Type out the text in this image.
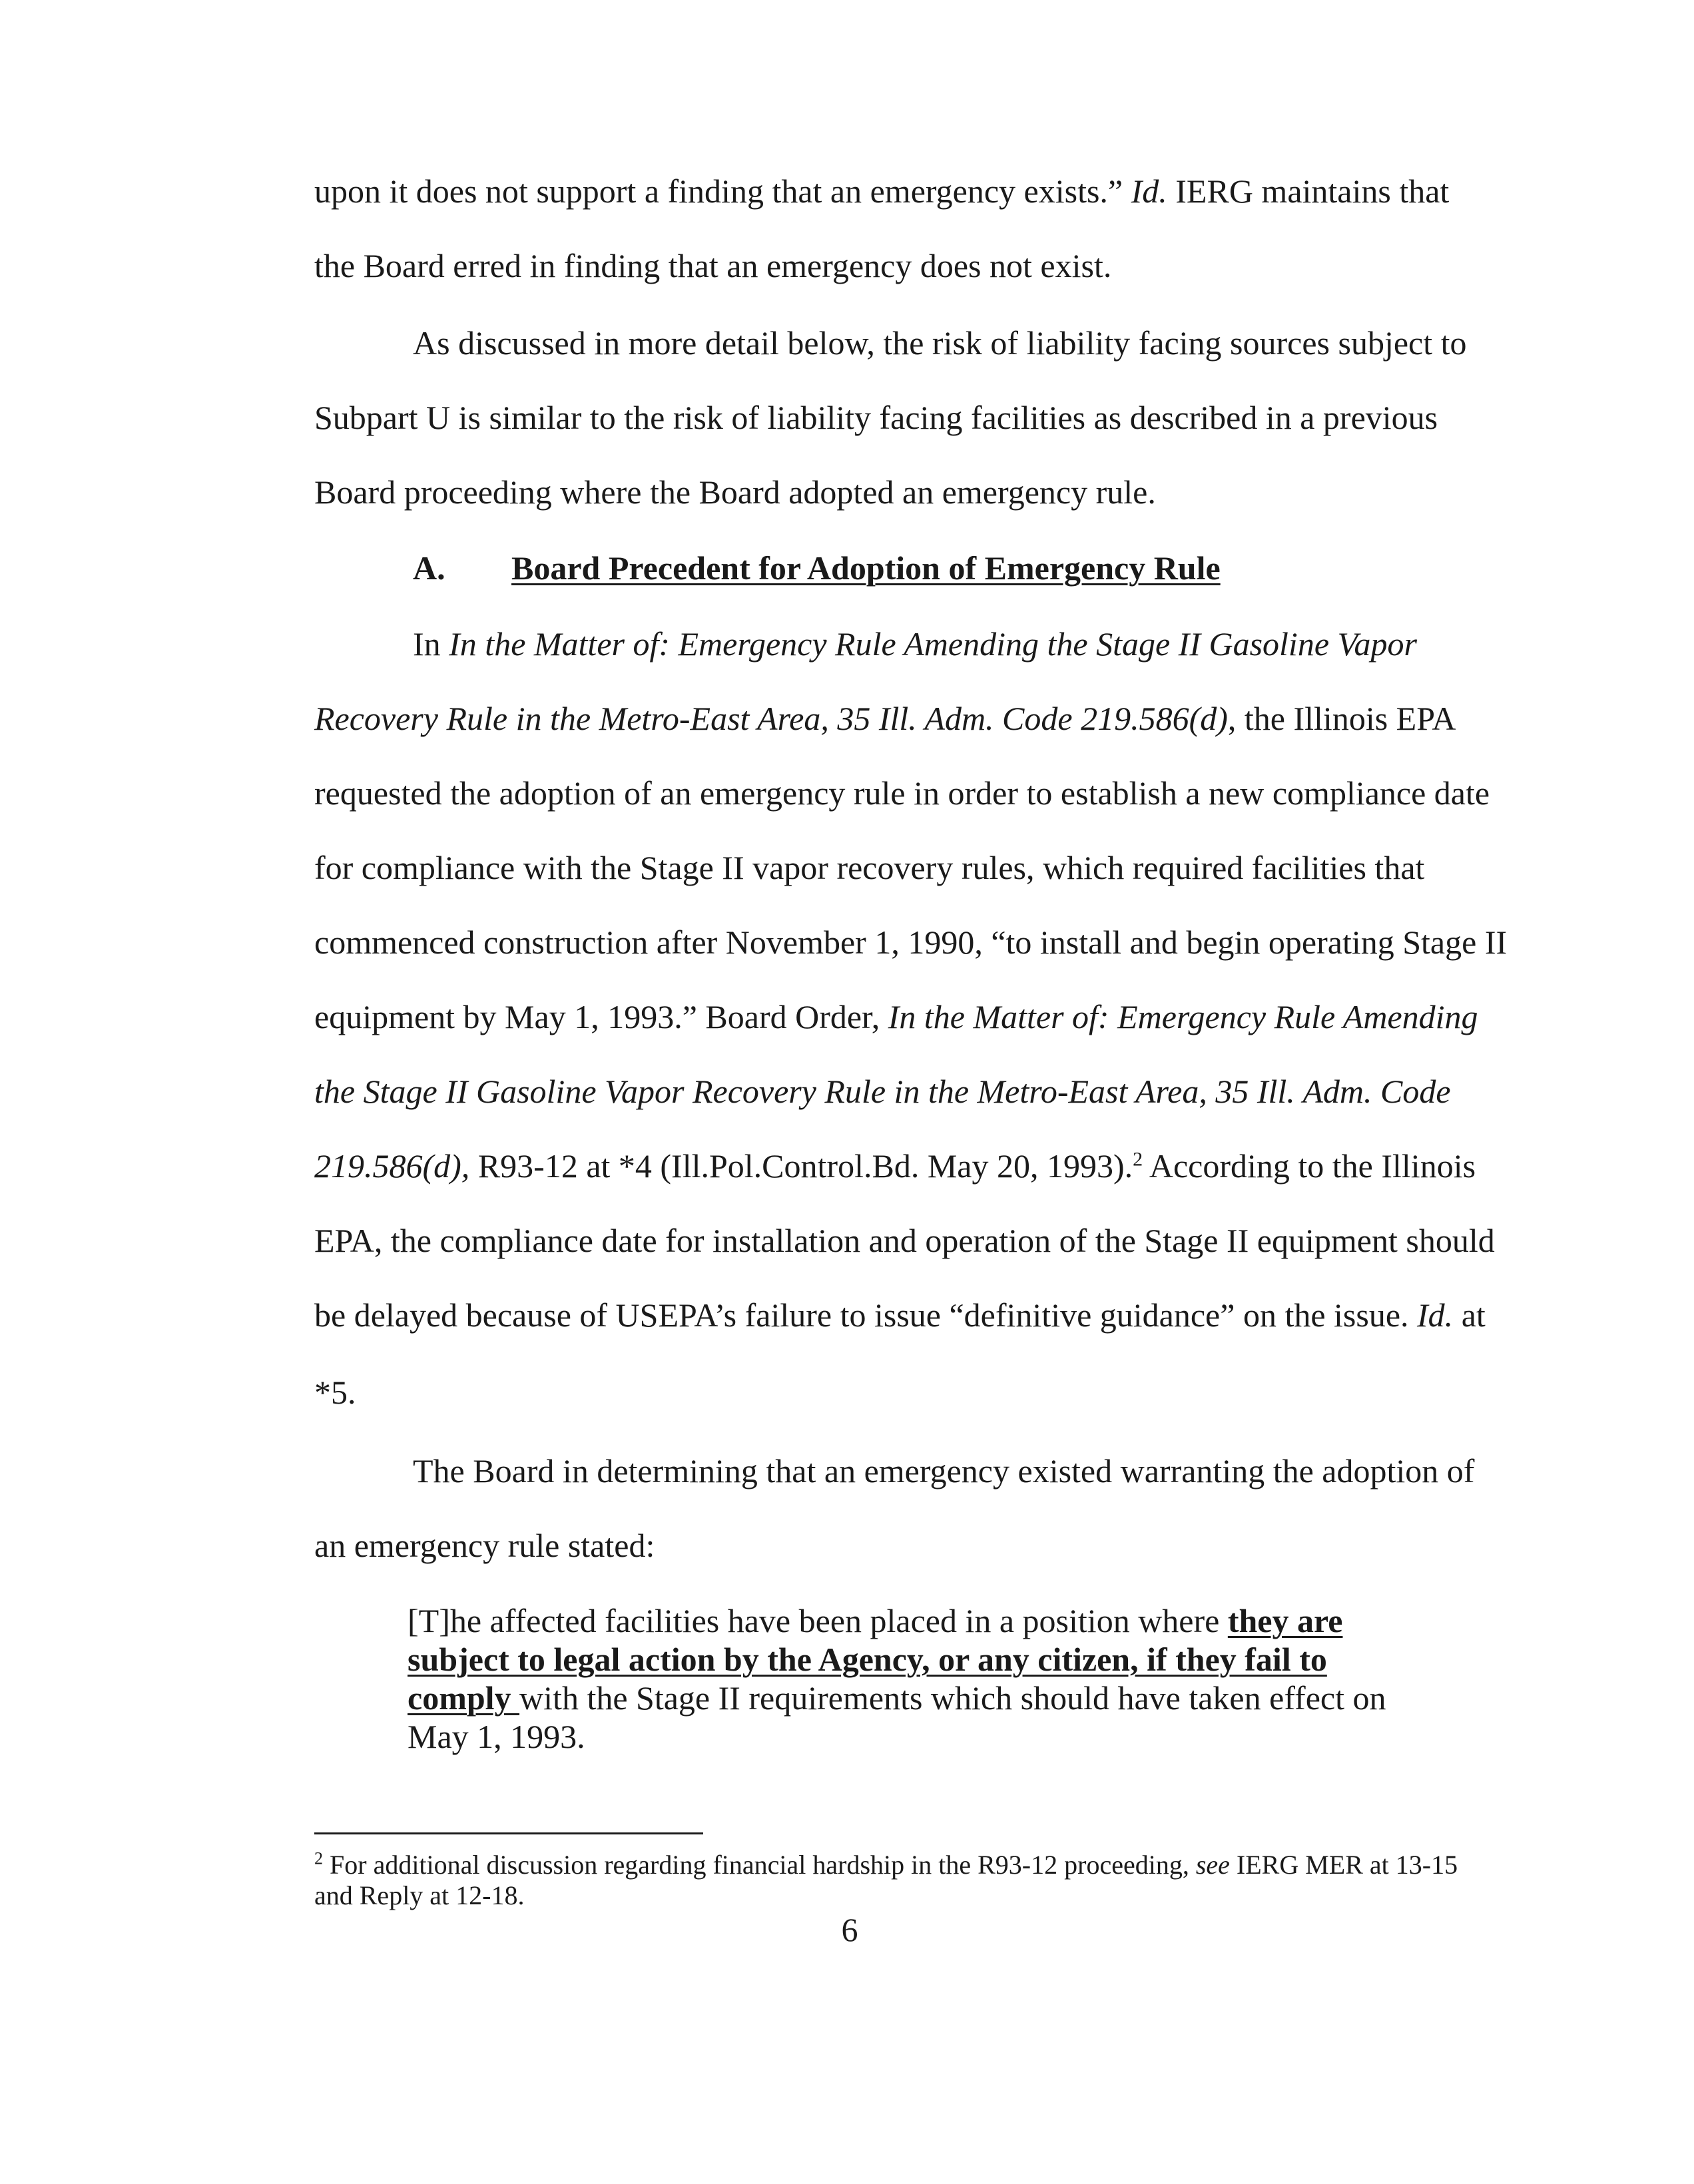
upon it does not support a finding that an emergency exists.” Id. IERG maintains that
the Board erred in finding that an emergency does not exist.
As discussed in more detail below, the risk of liability facing sources subject to
Subpart U is similar to the risk of liability facing facilities as described in a previous
Board proceeding where the Board adopted an emergency rule.
A. Board Precedent for Adoption of Emergency Rule
In In the Matter of: Emergency Rule Amending the Stage II Gasoline Vapor
Recovery Rule in the Metro-East Area, 35 Ill. Adm. Code 219.586(d), the Illinois EPA
requested the adoption of an emergency rule in order to establish a new compliance date
for compliance with the Stage II vapor recovery rules, which required facilities that
commenced construction after November 1, 1990, “to install and begin operating Stage II
equipment by May 1, 1993.” Board Order, In the Matter of: Emergency Rule Amending
the Stage II Gasoline Vapor Recovery Rule in the Metro-East Area, 35 Ill. Adm. Code
219.586(d), R93-12 at *4 (Ill.Pol.Control.Bd. May 20, 1993).$^2$ According to the Illinois
EPA, the compliance date for installation and operation of the Stage II equipment should
be delayed because of USEPA’s failure to issue “definitive guidance” on the issue. Id. at
*5.
The Board in determining that an emergency existed warranting the adoption of
an emergency rule stated:
[T]he affected facilities have been placed in a position where they are
subject to legal action by the Agency, or any citizen, if they fail to
comply with the Stage II requirements which should have taken effect on
May 1, 1993.
$^2$ For additional discussion regarding financial hardship in the R93-12 proceeding, see IERG MER at 13-15
and Reply at 12-18.
6
